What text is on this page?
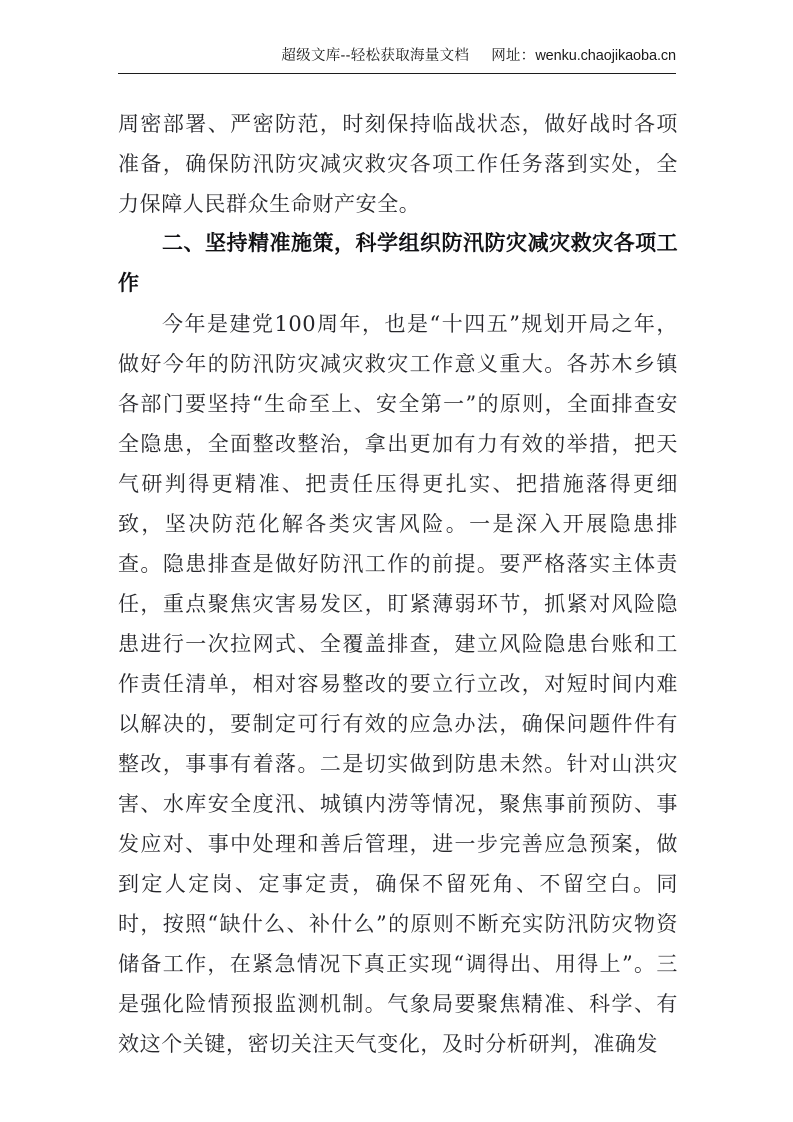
超级文库--轻松获取海量文档 网址：wenku.chaojikaoba.cn

周密部署、严密防范，时刻保持临战状态，做好战时各项准备，确保防汛防灾减灾救灾各项工作任务落到实处，全力保障人民群众生命财产安全。

二、坚持精准施策，科学组织防汛防灾减灾救灾各项工作

今年是建党100周年，也是“十四五”规划开局之年，做好今年的防汛防灾减灾救灾工作意义重大。各苏木乡镇各部门要坚持“生命至上、安全第一”的原则，全面排查安全隐患，全面整改整治，拿出更加有力有效的举措，把天气研判得更精准、把责任压得更扎实、把措施落得更细致，坚决防范化解各类灾害风险。一是深入开展隐患排查。隐患排查是做好防汛工作的前提。要严格落实主体责任，重点聚焦灾害易发区，盯紧薄弱环节，抓紧对风险隐患进行一次拉网式、全覆盖排查，建立风险隐患台账和工作责任清单，相对容易整改的要立行立改，对短时间内难以解决的，要制定可行有效的应急办法，确保问题件件有整改，事事有着落。二是切实做到防患未然。针对山洪灾害、水库安全度汛、城镇内涝等情况，聚焦事前预防、事发应对、事中处理和善后管理，进一步完善应急预案，做到定人定岗、定事定责，确保不留死角、不留空白。同时，按照“缺什么、补什么”的原则不断充实防汛防灾物资储备工作，在紧急情况下真正实现“调得出、用得上”。三是强化险情预报监测机制。气象局要聚焦精准、科学、有效这个关键，密切关注天气变化，及时分析研判，准确发
